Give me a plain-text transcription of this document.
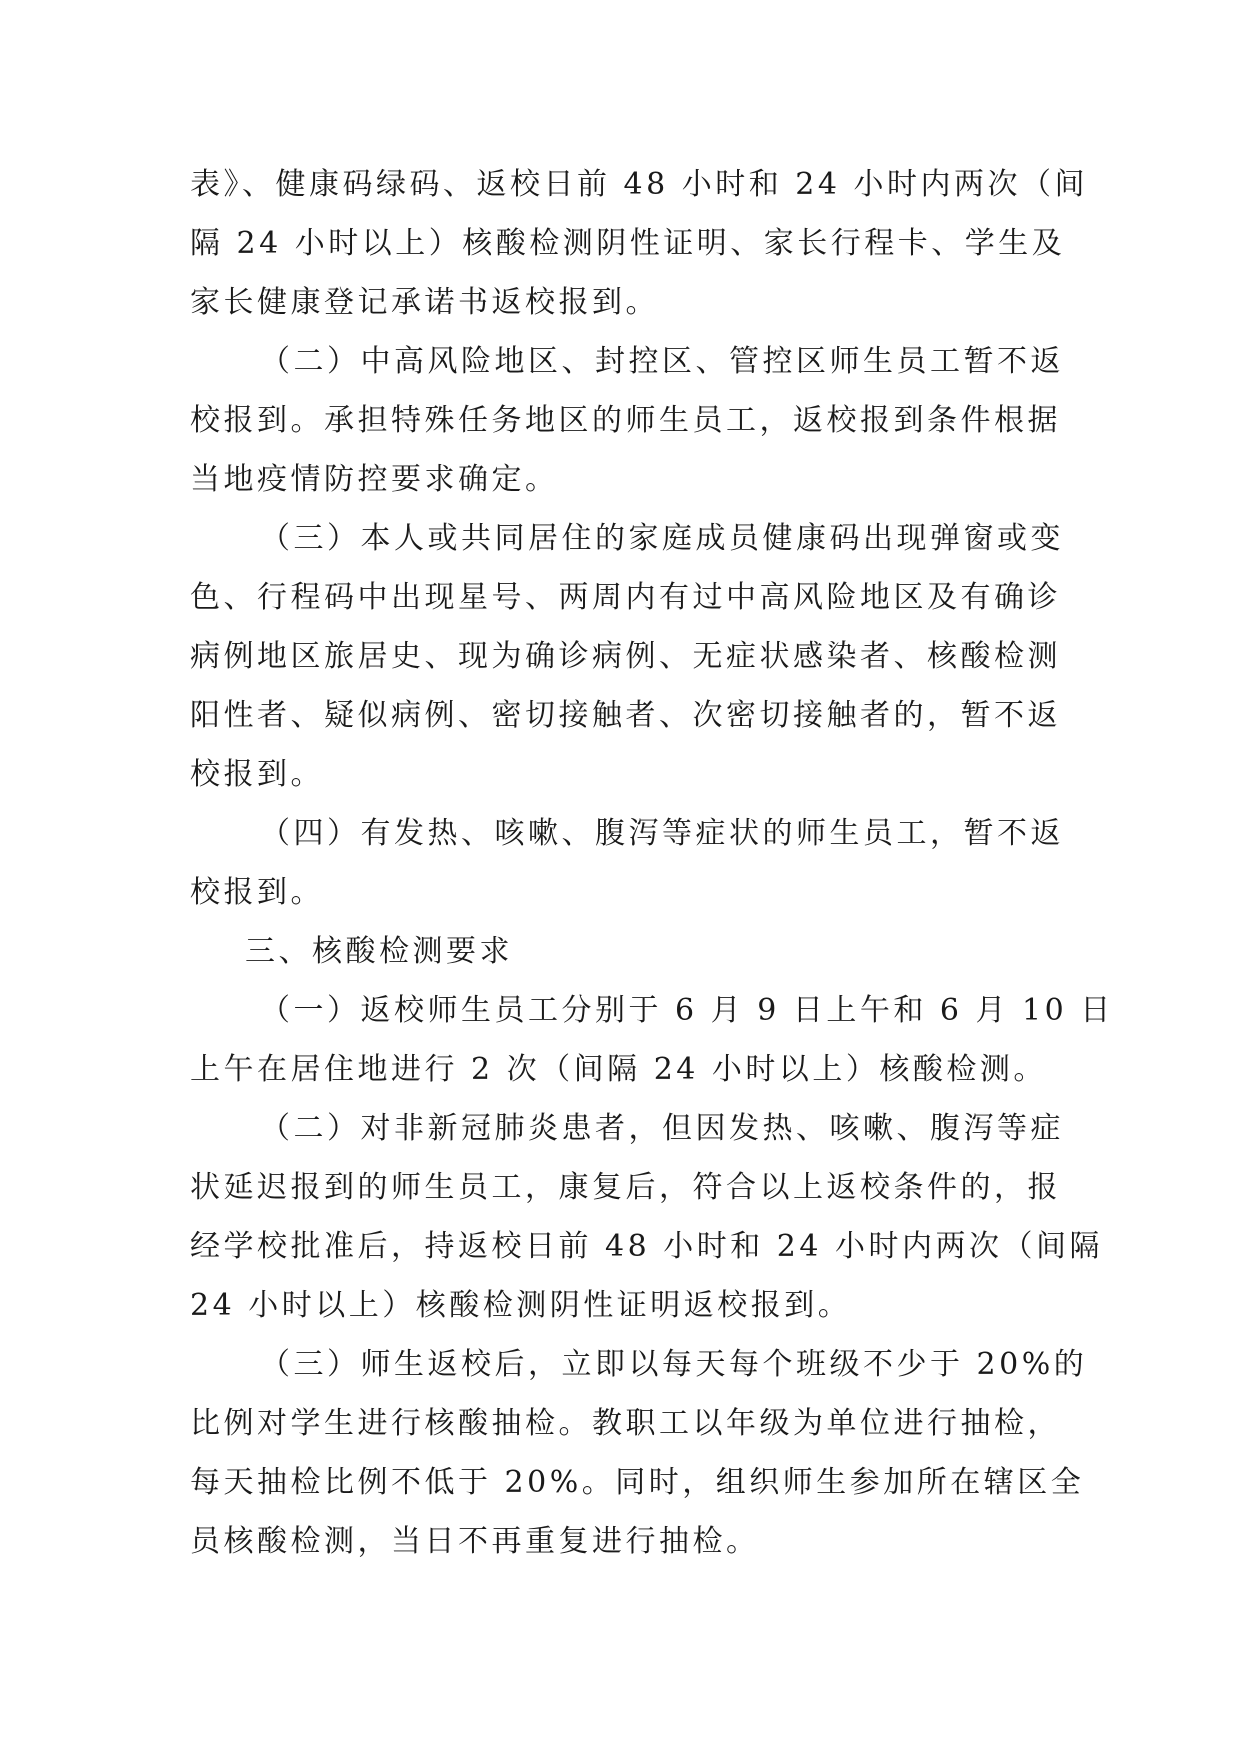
表》、健康码绿码、返校日前 48 小时和 24 小时内两次（间
隔 24 小时以上）核酸检测阴性证明、家长行程卡、学生及
家长健康登记承诺书返校报到。

（二）中高风险地区、封控区、管控区师生员工暂不返
校报到。承担特殊任务地区的师生员工，返校报到条件根据
当地疫情防控要求确定。

（三）本人或共同居住的家庭成员健康码出现弹窗或变
色、行程码中出现星号、两周内有过中高风险地区及有确诊
病例地区旅居史、现为确诊病例、无症状感染者、核酸检测
阳性者、疑似病例、密切接触者、次密切接触者的，暂不返
校报到。

（四）有发热、咳嗽、腹泻等症状的师生员工，暂不返
校报到。

三、核酸检测要求

（一）返校师生员工分别于 6 月 9 日上午和 6 月 10 日
上午在居住地进行 2 次（间隔 24 小时以上）核酸检测。

（二）对非新冠肺炎患者，但因发热、咳嗽、腹泻等症
状延迟报到的师生员工，康复后，符合以上返校条件的，报
经学校批准后，持返校日前 48 小时和 24 小时内两次（间隔
24 小时以上）核酸检测阴性证明返校报到。

（三）师生返校后，立即以每天每个班级不少于 20%的
比例对学生进行核酸抽检。教职工以年级为单位进行抽检，
每天抽检比例不低于 20%。同时，组织师生参加所在辖区全
员核酸检测，当日不再重复进行抽检。
